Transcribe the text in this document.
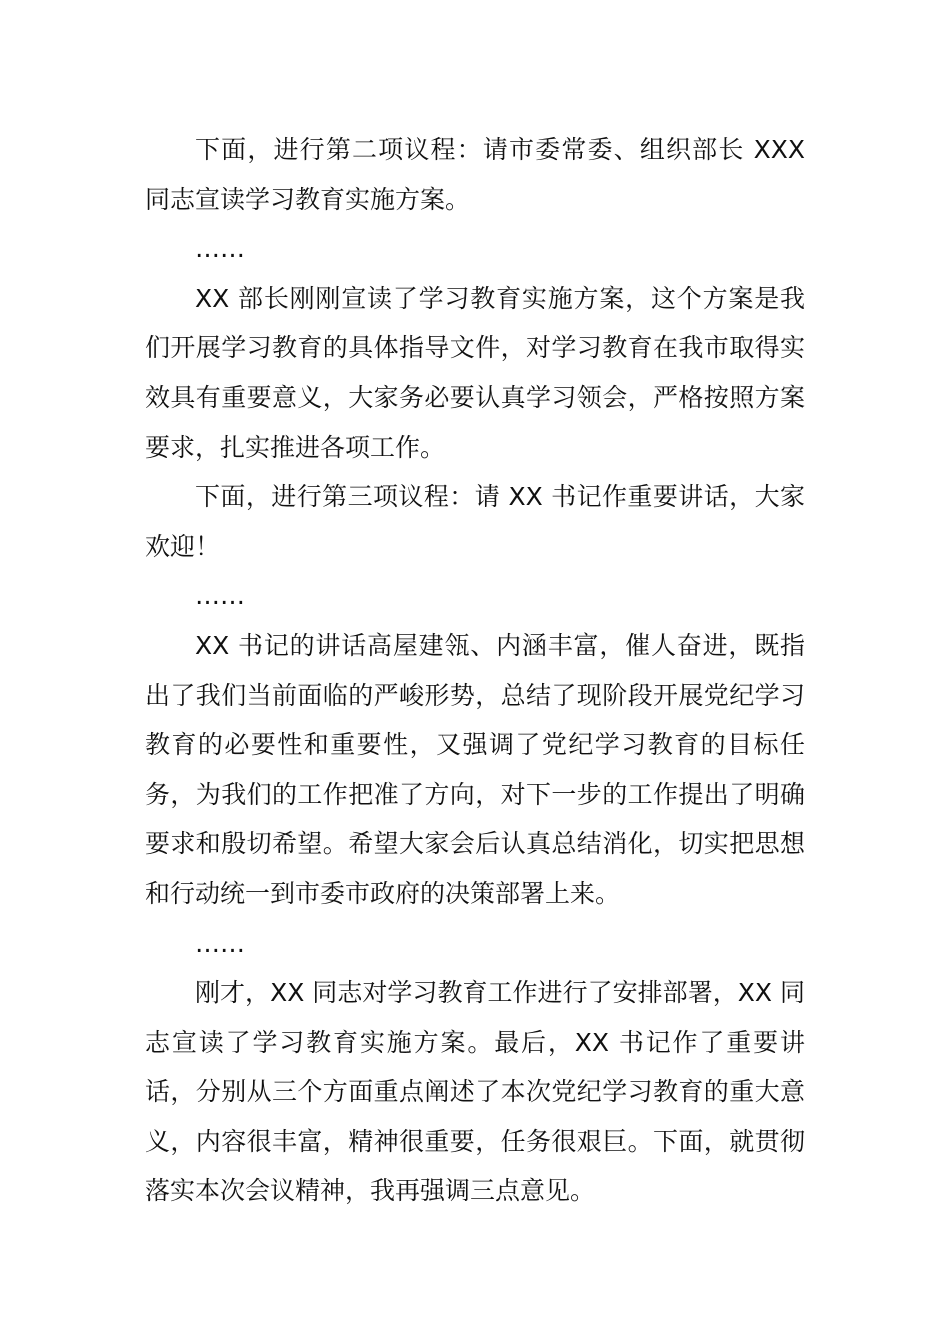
下面，进行第二项议程：请市委常委、组织部长 XXX 同志宣读学习教育实施方案。

……

XX 部长刚刚宣读了学习教育实施方案，这个方案是我们开展学习教育的具体指导文件，对学习教育在我市取得实效具有重要意义，大家务必要认真学习领会，严格按照方案要求，扎实推进各项工作。

下面，进行第三项议程：请 XX 书记作重要讲话，大家欢迎！

……

XX 书记的讲话高屋建瓴、内涵丰富，催人奋进，既指出了我们当前面临的严峻形势，总结了现阶段开展党纪学习教育的必要性和重要性，又强调了党纪学习教育的目标任务，为我们的工作把准了方向，对下一步的工作提出了明确要求和殷切希望。希望大家会后认真总结消化，切实把思想和行动统一到市委市政府的决策部署上来。

……

刚才，XX 同志对学习教育工作进行了安排部署，XX 同志宣读了学习教育实施方案。最后，XX 书记作了重要讲话，分别从三个方面重点阐述了本次党纪学习教育的重大意义，内容很丰富，精神很重要，任务很艰巨。下面，就贯彻落实本次会议精神，我再强调三点意见。
